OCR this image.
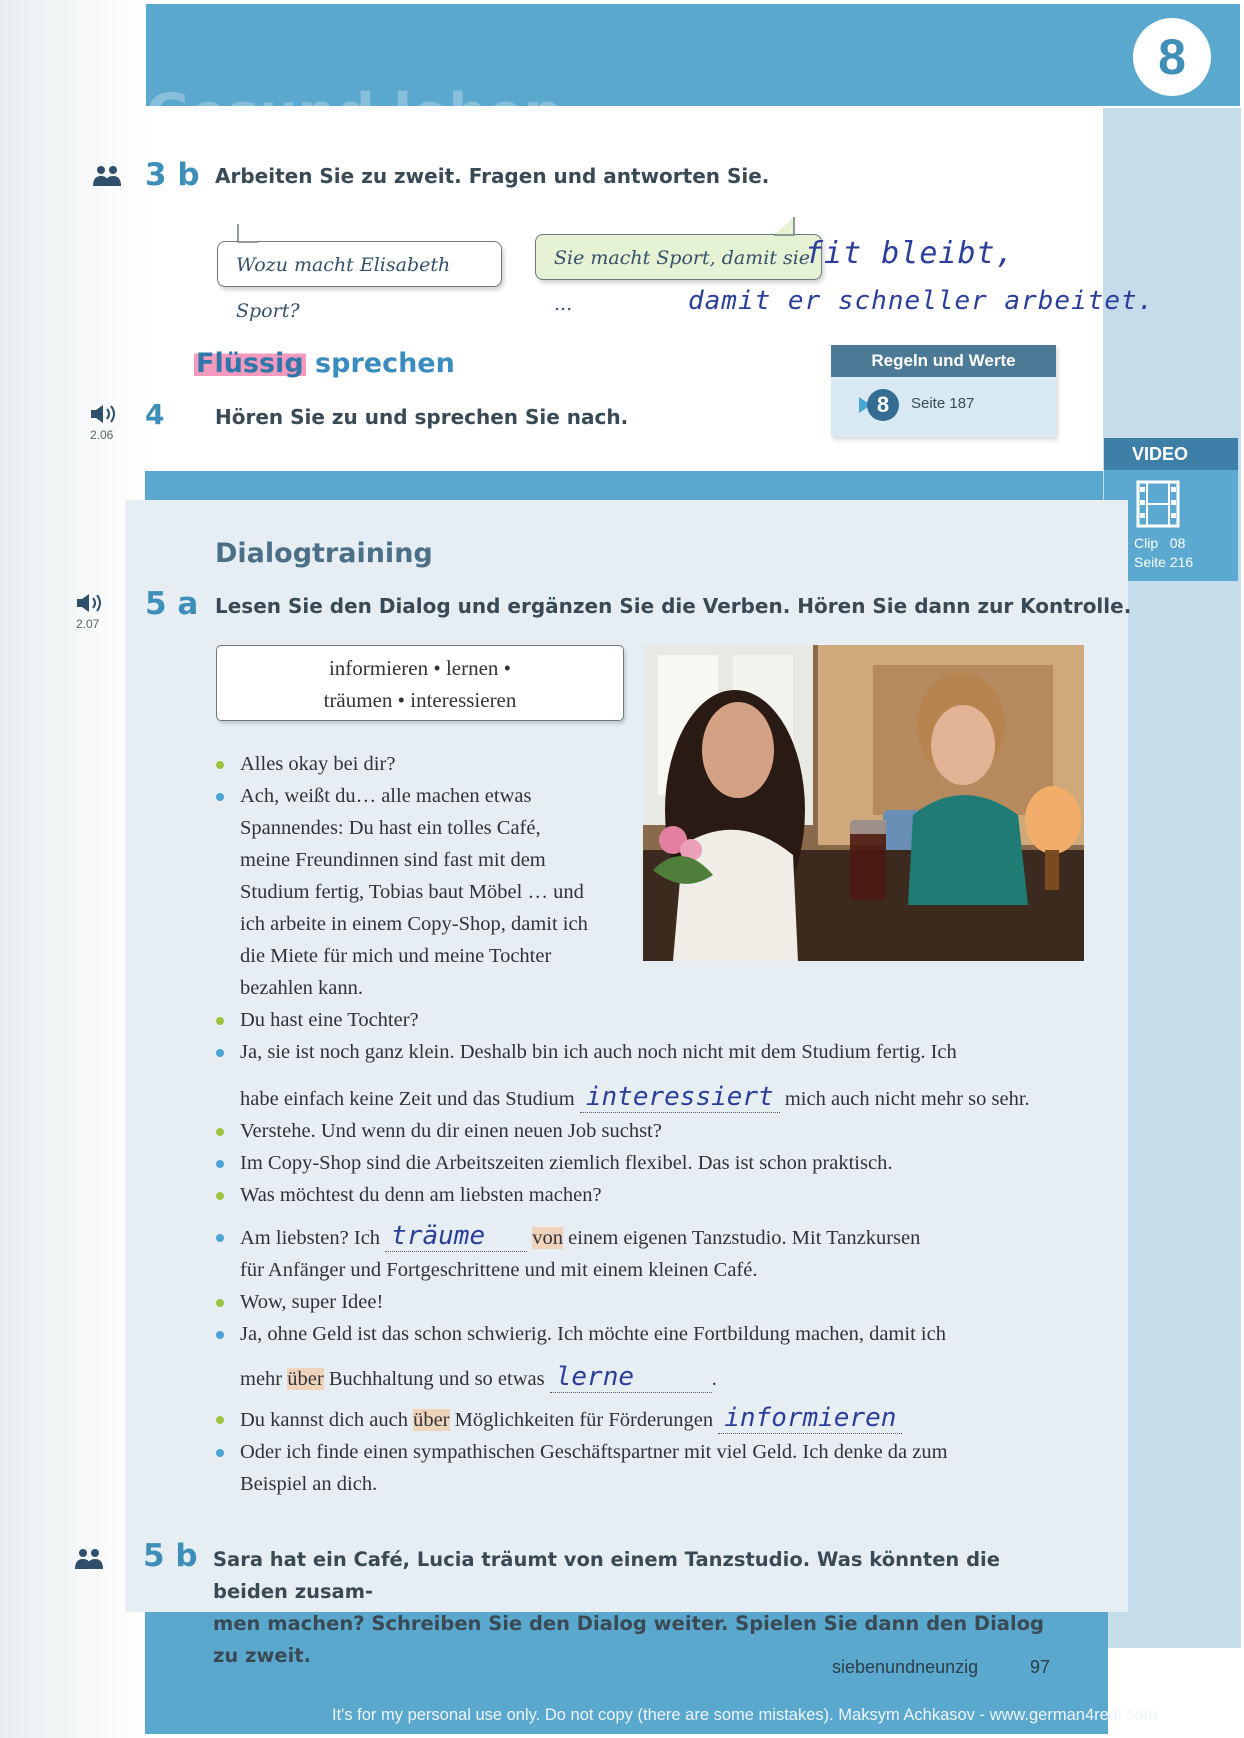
Gesund leben
8
3 b Arbeiten Sie zu zweit. Fragen und antworten Sie.
Wozu macht Elisabeth Sport?
Sie macht Sport, damit sie ...
fit bleibt,
damit er schneller arbeitet.
Flüssig sprechen
2.06
4	Hören Sie zu und sprechen Sie nach.
Regeln und Werte
8	Seite 187
VIDEO
Clip 08
Seite 216
Dialogtraining
2.07
5 a Lesen Sie den Dialog und ergänzen Sie die Verben. Hören Sie dann zur Kontrolle.
informieren • lernen •
träumen • interessieren
Alles okay bei dir?
Ach, weißt du… alle machen etwas
Spannendes: Du hast ein tolles Café,
meine Freundinnen sind fast mit dem
Studium fertig, Tobias baut Möbel … und
ich arbeite in einem Copy-Shop, damit ich
die Miete für mich und meine Tochter
bezahlen kann.
Du hast eine Tochter?
Ja, sie ist noch ganz klein. Deshalb bin ich auch noch nicht mit dem Studium fertig. Ich
habe einfach keine Zeit und das Studium interessiert mich auch nicht mehr so sehr.
Verstehe. Und wenn du dir einen neuen Job suchst?
Im Copy-Shop sind die Arbeitszeiten ziemlich flexibel. Das ist schon praktisch.
Was möchtest du denn am liebsten machen?
Am liebsten? Ich träume von einem eigenen Tanzstudio. Mit Tanzkursen
für Anfänger und Fortgeschrittene und mit einem kleinen Café.
Wow, super Idee!
Ja, ohne Geld ist das schon schwierig. Ich möchte eine Fortbildung machen, damit ich
mehr über Buchhaltung und so etwas lerne	.
Du kannst dich auch über Möglichkeiten für Förderungen informieren
Oder ich finde einen sympathischen Geschäftspartner mit viel Geld. Ich denke da zum
Beispiel an dich.
5 b Sara hat ein Café, Lucia träumt von einem Tanzstudio. Was könnten die beiden zusam-
men machen? Schreiben Sie den Dialog weiter. Spielen Sie dann den Dialog zu zweit.	siebenundneunzig	97
It's for my personal use only. Do not copy (there are some mistakes). Maksym Achkasov - www.german4real.com
